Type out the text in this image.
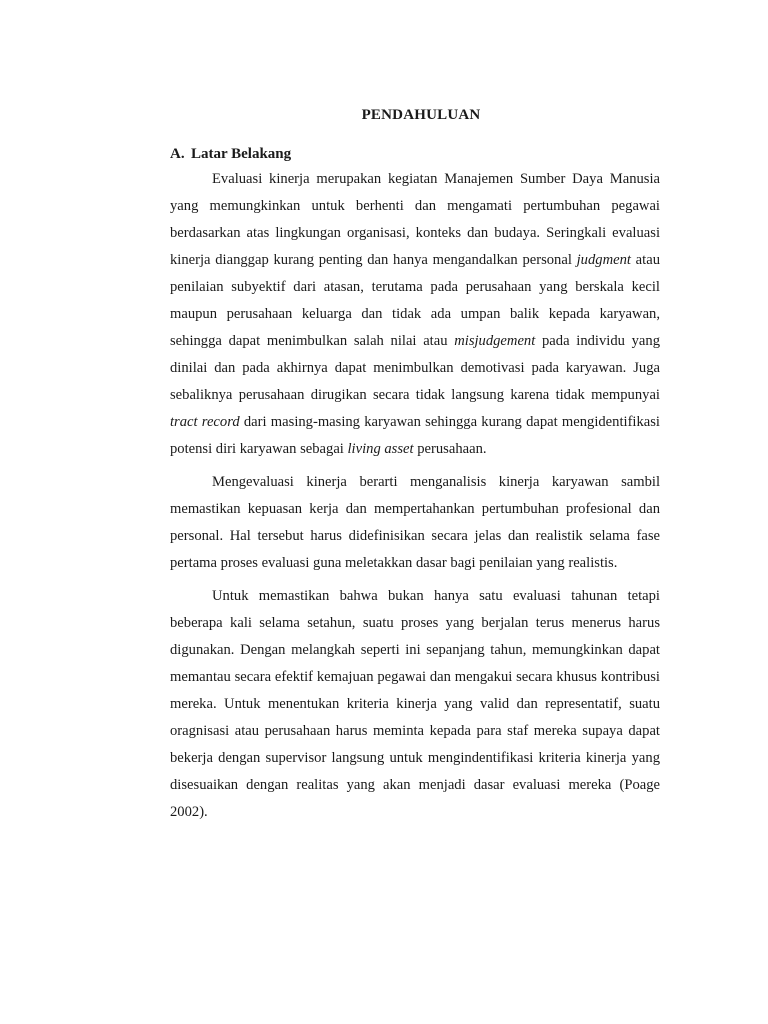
PENDAHULUAN
A. Latar Belakang

Evaluasi kinerja merupakan kegiatan Manajemen Sumber Daya Manusia yang memungkinkan untuk berhenti dan mengamati pertumbuhan pegawai berdasarkan atas lingkungan organisasi, konteks dan budaya. Seringkali evaluasi kinerja dianggap kurang penting dan hanya mengandalkan personal judgment atau penilaian subyektif dari atasan, terutama pada perusahaan yang berskala kecil maupun perusahaan keluarga dan tidak ada umpan balik kepada karyawan, sehingga dapat menimbulkan salah nilai atau misjudgement pada individu yang dinilai dan pada akhirnya dapat menimbulkan demotivasi pada karyawan. Juga sebaliknya perusahaan dirugikan secara tidak langsung karena tidak mempunyai tract record dari masing-masing karyawan sehingga kurang dapat mengidentifikasi potensi diri karyawan sebagai living asset perusahaan.

Mengevaluasi kinerja berarti menganalisis kinerja karyawan sambil memastikan kepuasan kerja dan mempertahankan pertumbuhan profesional dan personal. Hal tersebut harus didefinisikan secara jelas dan realistik selama fase pertama proses evaluasi guna meletakkan dasar bagi penilaian yang realistis.

Untuk memastikan bahwa bukan hanya satu evaluasi tahunan tetapi beberapa kali selama setahun, suatu proses yang berjalan terus menerus harus digunakan. Dengan melangkah seperti ini sepanjang tahun, memungkinkan dapat memantau secara efektif kemajuan pegawai dan mengakui secara khusus kontribusi mereka. Untuk menentukan kriteria kinerja yang valid dan representatif, suatu oragnisasi atau perusahaan harus meminta kepada para staf mereka supaya dapat bekerja dengan supervisor langsung untuk mengindentifikasi kriteria kinerja yang disesuaikan dengan realitas yang akan menjadi dasar evaluasi mereka (Poage 2002).
